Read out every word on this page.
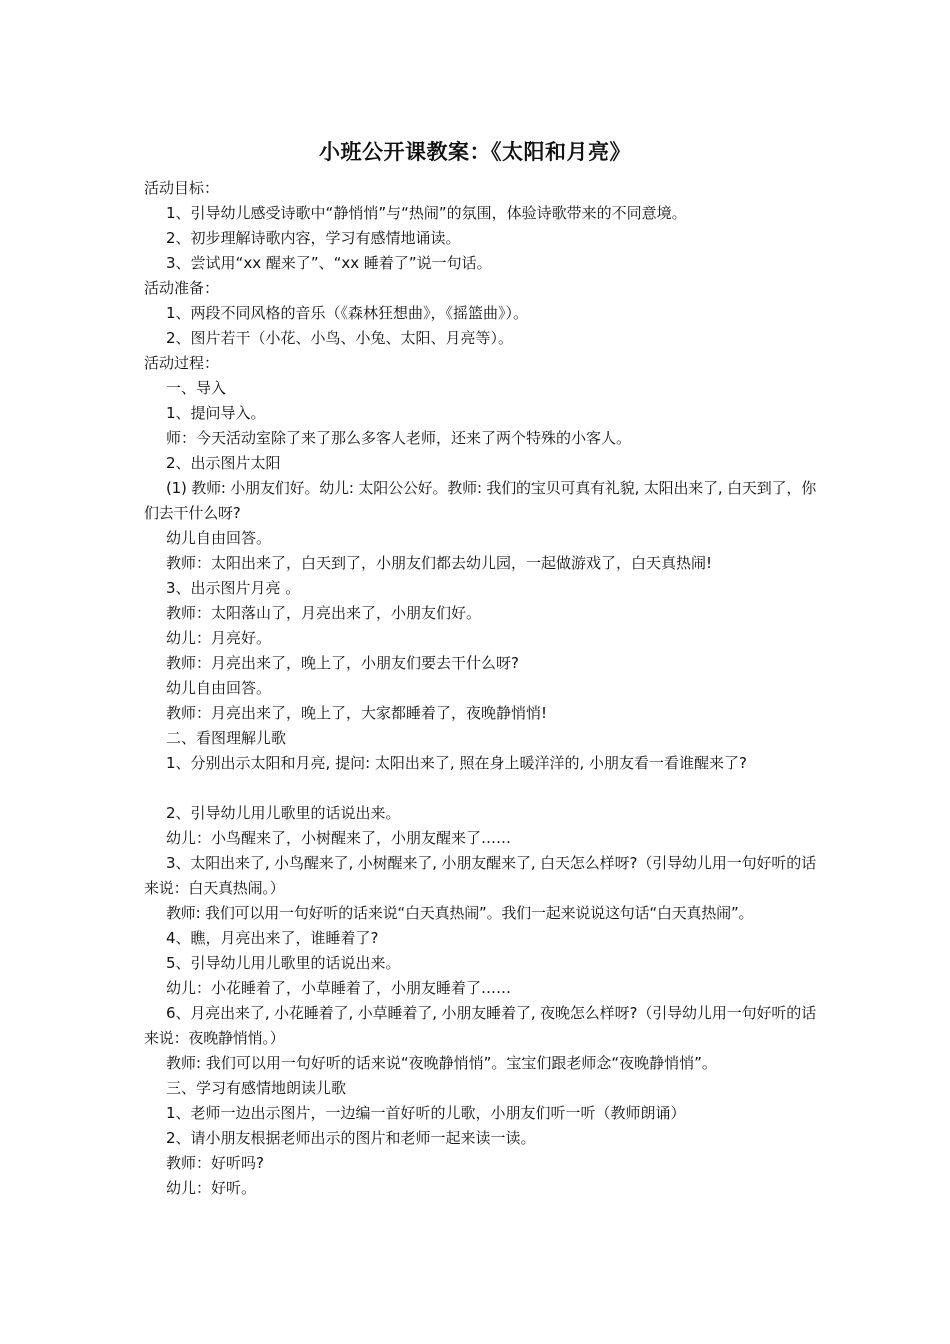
小班公开课教案：《太阳和月亮》
活动目标：
1、引导幼儿感受诗歌中“静悄悄”与“热闹”的氛围，体验诗歌带来的不同意境。
2、初步理解诗歌内容，学习有感情地诵读。
3、尝试用“xx 醒来了”、“xx 睡着了”说一句话。
活动准备：
1、两段不同风格的音乐（《森林狂想曲》，《摇篮曲》）。
2、图片若干（小花、小鸟、小兔、太阳、月亮等）。
活动过程：
一、导入
1、提问导入。
师：今天活动室除了来了那么多客人老师，还来了两个特殊的小客人。
2、出示图片太阳
(1) 教师: 小朋友们好。幼儿: 太阳公公好。教师: 我们的宝贝可真有礼貌, 太阳出来了, 白天到了，你们去干什么呀?
幼儿自由回答。
教师：太阳出来了，白天到了，小朋友们都去幼儿园，一起做游戏了，白天真热闹!
3、出示图片月亮 。
教师：太阳落山了，月亮出来了，小朋友们好。
幼儿：月亮好。
教师：月亮出来了，晚上了，小朋友们要去干什么呀?
幼儿自由回答。
教师：月亮出来了，晚上了，大家都睡着了，夜晚静悄悄!
二、看图理解儿歌
1、分别出示太阳和月亮, 提问: 太阳出来了, 照在身上暖洋洋的, 小朋友看一看谁醒来了?
2、引导幼儿用儿歌里的话说出来。
幼儿：小鸟醒来了，小树醒来了，小朋友醒来了……
3、太阳出来了, 小鸟醒来了, 小树醒来了, 小朋友醒来了, 白天怎么样呀?（引导幼儿用一句好听的话来说：白天真热闹。）
教师: 我们可以用一句好听的话来说“白天真热闹”。我们一起来说说这句话“白天真热闹”。
4、瞧，月亮出来了，谁睡着了?
5、引导幼儿用儿歌里的话说出来。
幼儿：小花睡着了，小草睡着了，小朋友睡着了……
6、月亮出来了, 小花睡着了, 小草睡着了, 小朋友睡着了, 夜晚怎么样呀?（引导幼儿用一句好听的话来说：夜晚静悄悄。）
教师: 我们可以用一句好听的话来说“夜晚静悄悄”。宝宝们跟老师念“夜晚静悄悄”。
三、学习有感情地朗读儿歌
1、老师一边出示图片，一边编一首好听的儿歌，小朋友们听一听（教师朗诵）
2、请小朋友根据老师出示的图片和老师一起来读一读。
教师：好听吗?
幼儿：好听。
